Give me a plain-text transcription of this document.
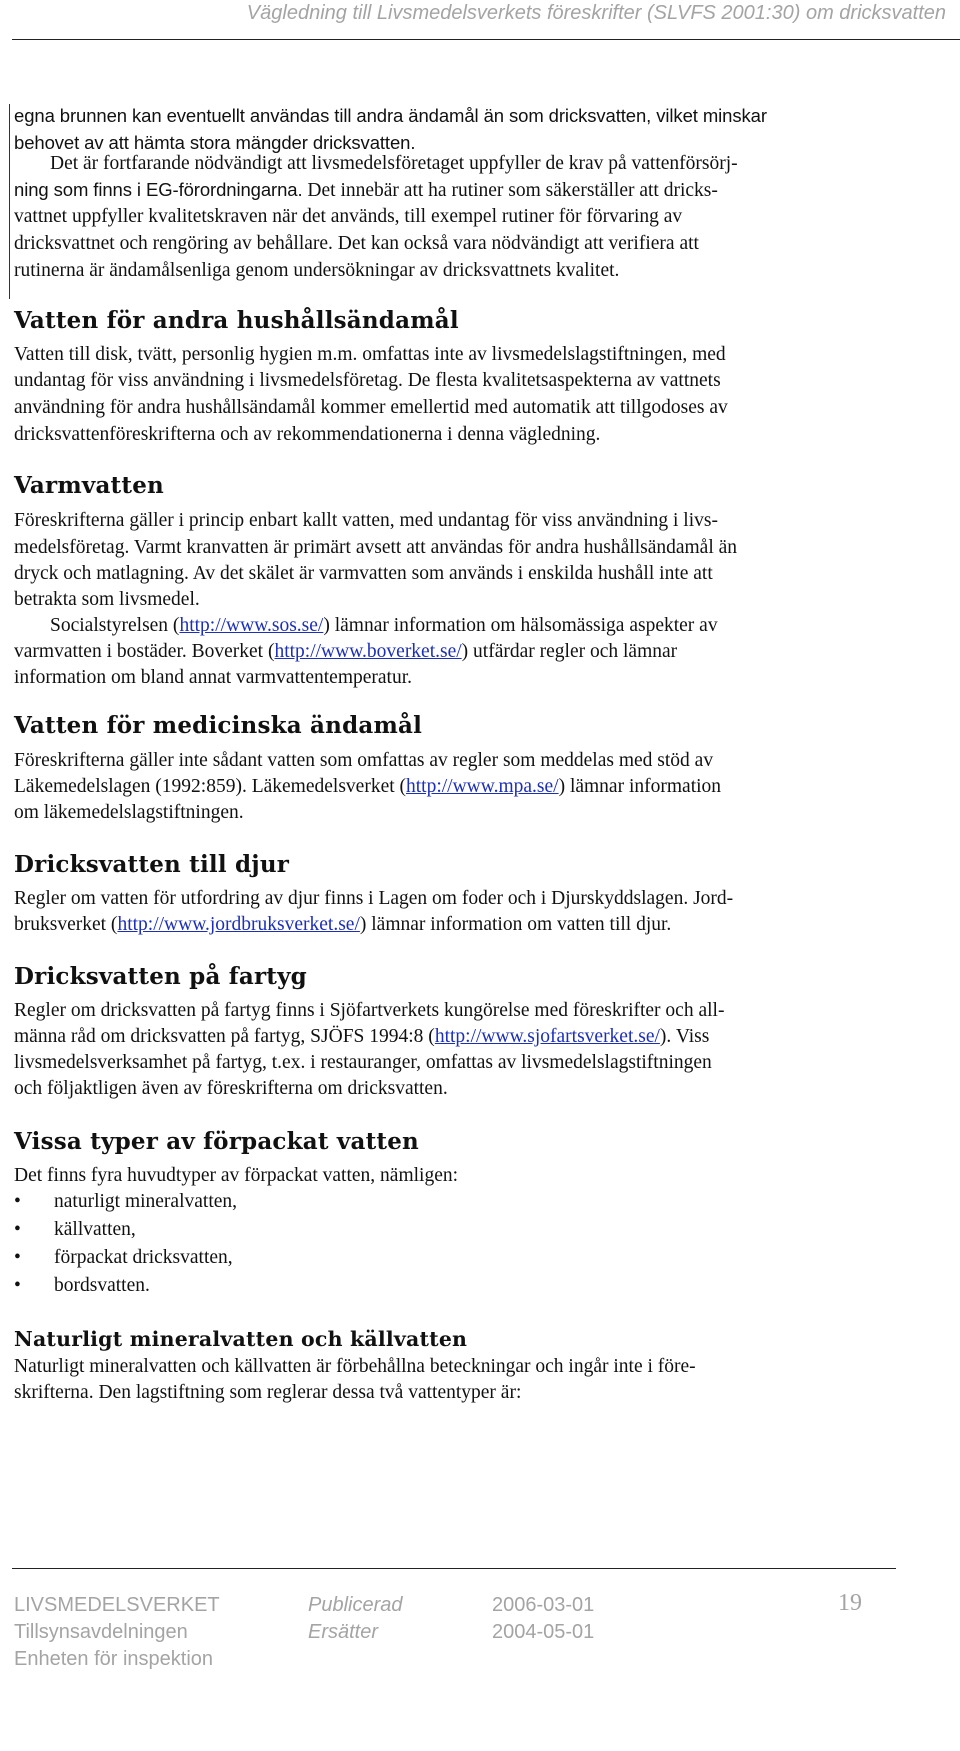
Vägledning till Livsmedelsverkets föreskrifter (SLVFS 2001:30) om dricksvatten
egna brunnen kan eventuellt användas till andra ändamål än som dricksvatten, vilket minskar
behovet av att hämta stora mängder dricksvatten.
Det är fortfarande nödvändigt att livsmedelsföretaget uppfyller de krav på vattenförsörj-
ning som finns i EG-förordningarna. Det innebär att ha rutiner som säkerställer att dricks-
vattnet uppfyller kvalitetskraven när det används, till exempel rutiner för förvaring av
dricksvattnet och rengöring av behållare. Det kan också vara nödvändigt att verifiera att
rutinerna är ändamålsenliga genom undersökningar av dricksvattnets kvalitet.
Vatten för andra hushållsändamål
Vatten till disk, tvätt, personlig hygien m.m. omfattas inte av livsmedelslagstiftningen, med
undantag för viss användning i livsmedelsföretag. De flesta kvalitetsaspekterna av vattnets
användning för andra hushållsändamål kommer emellertid med automatik att tillgodoses av
dricksvattenföreskrifterna och av rekommendationerna i denna vägledning.
Varmvatten
Föreskrifterna gäller i princip enbart kallt vatten, med undantag för viss användning i livs-
medelsföretag. Varmt kranvatten är primärt avsett att användas för andra hushållsändamål än
dryck och matlagning. Av det skälet är varmvatten som används i enskilda hushåll inte att
betrakta som livsmedel.
Socialstyrelsen (http://www.sos.se/) lämnar information om hälsomässiga aspekter av
varmvatten i bostäder. Boverket (http://www.boverket.se/) utfärdar regler och lämnar
information om bland annat varmvattentemperatur.
Vatten för medicinska ändamål
Föreskrifterna gäller inte sådant vatten som omfattas av regler som meddelas med stöd av
Läkemedelslagen (1992:859). Läkemedelsverket (http://www.mpa.se/) lämnar information
om läkemedelslagstiftningen.
Dricksvatten till djur
Regler om vatten för utfordring av djur finns i Lagen om foder och i Djurskyddslagen. Jord-
bruksverket (http://www.jordbruksverket.se/) lämnar information om vatten till djur.
Dricksvatten på fartyg
Regler om dricksvatten på fartyg finns i Sjöfartverkets kungörelse med föreskrifter och all-
männa råd om dricksvatten på fartyg, SJÖFS 1994:8 (http://www.sjofartsverket.se/). Viss
livsmedelsverksamhet på fartyg, t.ex. i restauranger, omfattas av livsmedelslagstiftningen
och följaktligen även av föreskrifterna om dricksvatten.
Vissa typer av förpackat vatten
Det finns fyra huvudtyper av förpackat vatten, nämligen:
• naturligt mineralvatten,
• källvatten,
• förpackat dricksvatten,
• bordsvatten.
Naturligt mineralvatten och källvatten
Naturligt mineralvatten och källvatten är förbehållna beteckningar och ingår inte i före-
skrifterna. Den lagstiftning som reglerar dessa två vattentyper är:
LIVSMEDELSVERKET
Tillsynsavdelningen
Enheten för inspektion
Publicerad
Ersätter
2006-03-01
2004-05-01
19
